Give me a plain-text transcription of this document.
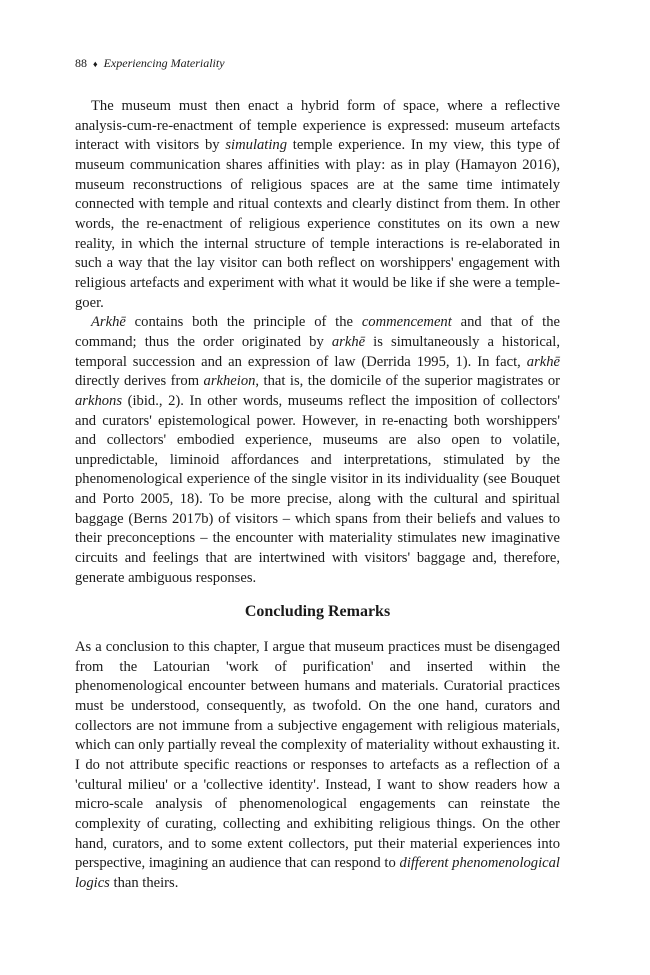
88 ♦ Experiencing Materiality

The museum must then enact a hybrid form of space, where a reflective analysis-cum-re-enactment of temple experience is expressed: museum artefacts interact with visitors by simulating temple experience. In my view, this type of museum communication shares affinities with play: as in play (Hamayon 2016), museum reconstructions of religious spaces are at the same time intimately connected with temple and ritual contexts and clearly distinct from them. In other words, the re-enactment of religious experience constitutes on its own a new reality, in which the internal structure of temple interactions is re-elaborated in such a way that the lay visitor can both reflect on worshippers' engagement with religious artefacts and experiment with what it would be like if she were a temple-goer.

Arkhē contains both the principle of the commencement and that of the command; thus the order originated by arkhē is simultaneously a historical, temporal succession and an expression of law (Derrida 1995, 1). In fact, arkhē directly derives from arkheion, that is, the domicile of the superior magistrates or arkhons (ibid., 2). In other words, museums reflect the imposition of collectors' and curators' epistemological power. However, in re-enacting both worshippers' and collectors' embodied experience, museums are also open to volatile, unpredictable, liminoid affordances and interpretations, stimulated by the phenomenological experience of the single visitor in its individuality (see Bouquet and Porto 2005, 18). To be more precise, along with the cultural and spiritual baggage (Berns 2017b) of visitors – which spans from their beliefs and values to their preconceptions – the encounter with materiality stimulates new imaginative circuits and feelings that are intertwined with visitors' baggage and, therefore, generate ambiguous responses.

Concluding Remarks

As a conclusion to this chapter, I argue that museum practices must be disengaged from the Latourian 'work of purification' and inserted within the phenomenological encounter between humans and materials. Curatorial practices must be understood, consequently, as twofold. On the one hand, curators and collectors are not immune from a subjective engagement with religious materials, which can only partially reveal the complexity of materiality without exhausting it. I do not attribute specific reactions or responses to artefacts as a reflection of a 'cultural milieu' or a 'collective identity'. Instead, I want to show readers how a micro-scale analysis of phenomenological engagements can reinstate the complexity of curating, collecting and exhibiting religious things. On the other hand, curators, and to some extent collectors, put their material experiences into perspective, imagining an audience that can respond to different phenomenological logics than theirs.
